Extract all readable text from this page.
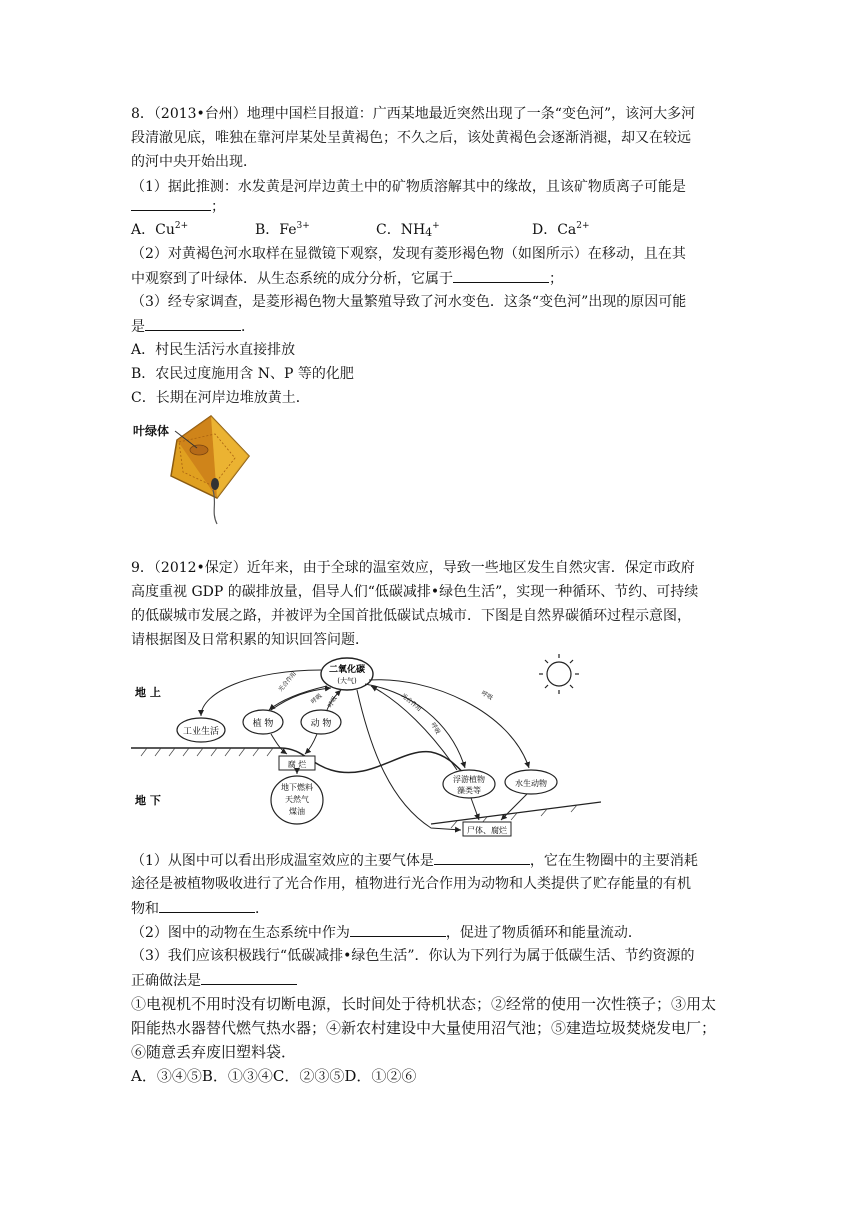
8．（2013•台州）地理中国栏目报道：广西某地最近突然出现了一条“变色河”，该河大多河
段清澈见底，唯独在靠河岸某处呈黄褐色；不久之后，该处黄褐色会逐渐消褪，却又在较远
的河中央开始出现．
（1）据此推测：水发黄是河岸边黄土中的矿物质溶解其中的缘故，且该矿物质离子可能是
；
A．$Cu^{2+}$	B．$Fe^{3+}$	C．NH4+	D．$Ca^{2+}$
（2）对黄褐色河水取样在显微镜下观察，发现有菱形褐色物（如图所示）在移动，且在其
中观察到了叶绿体．从生态系统的成分分析，它属于	；
（3）经专家调查，是菱形褐色物大量繁殖导致了河水变色．这条“变色河”出现的原因可能
是	．
A．村民生活污水直接排放
B．农民过度施用含 N、P 等的化肥
C．长期在河岸边堆放黄土．
叶绿体
9．（2012•保定）近年来，由于全球的温室效应，导致一些地区发生自然灾害．保定市政府
高度重视 GDP 的碳排放量，倡导人们“低碳减排•绿色生活”，实现一种循环、节约、可持续
的低碳城市发展之路，并被评为全国首批低碳试点城市．下图是自然界碳循环过程示意图，
请根据图及日常积累的知识回答问题．
地 上
地 下
二氧化碳
(大气)
工业生活
植 物	动 物
腐 烂
地下燃料
天然气
煤油
浮游植物
藻类等
水生动物
尸体、腐烂
光合作用
呼吸 呼吸	光合作用
呼吸
呼吸
（1）从图中可以看出形成温室效应的主要气体是	，它在生物圈中的主要消耗
途径是被植物吸收进行了光合作用，植物进行光合作用为动物和人类提供了贮存能量的有机
物和	．
（2）图中的动物在生态系统中作为	，促进了物质循环和能量流动．
（3）我们应该积极践行“低碳减排•绿色生活”．你认为下列行为属于低碳生活、节约资源的
正确做法是
①电视机不用时没有切断电源，长时间处于待机状态；②经常的使用一次性筷子；③用太
阳能热水器替代燃气热水器；④新农村建设中大量使用沼气池；⑤建造垃圾焚烧发电厂；
⑥随意丢弃废旧塑料袋．
A．③④⑤B．①③④C．②③⑤D．①②⑥
